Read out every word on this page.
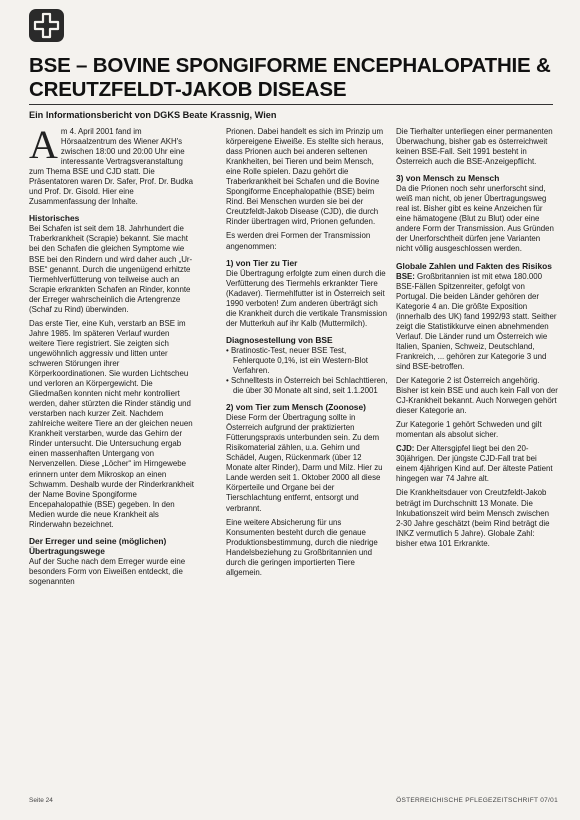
BSE – BOVINE SPONGIFORME ENCEPHALOPATHIE & CREUTZFELDT-JAKOB DISEASE

Ein Informationsbericht von DGKS Beate Krassnig, Wien

Am 4. April 2001 fand im Hörsaalzentrum des Wiener AKH's zwischen 18:00 und 20:00 Uhr eine interessante Vertragsveranstaltung zum Thema BSE und CJD statt. Die Präsentatoren waren Dr. Safer, Prof. Dr. Budka und Prof. Dr. Gisold. Hier eine Zusammenfassung der Inhalte.

Historisches

Bei Schafen ist seit dem 18. Jahrhundert die Traberkrankheit (Scrapie) bekannt. Sie macht bei den Schafen die gleichen Symptome wie BSE bei den Rindern und wird daher auch „Ur-BSE“ genannt. Durch die ungenügend erhitzte Tiermehlverfütterung von teilweise auch an Scrapie erkrankten Schafen an Rinder, konnte der Erreger wahrscheinlich die Artengrenze (Schaf zu Rind) überwinden.

Das erste Tier, eine Kuh, verstarb an BSE im Jahre 1985. Im späteren Verlauf wurden weitere Tiere registriert. Sie zeigten sich ungewöhnlich aggressiv und litten unter schweren Störungen ihrer Körperkoordinationen. Sie wurden Lichtscheu und verloren an Körpergewicht. Die Gliedmaßen konnten nicht mehr kontrolliert werden, daher stürzten die Rinder ständig und verstarben nach kurzer Zeit. Nachdem zahlreiche weitere Tiere an der gleichen neuen Krankheit verstarben, wurde das Gehirn der Rinder untersucht. Die Untersuchung ergab einen massenhaften Untergang von Nervenzellen. Diese „Löcher“ im Hirngewebe erinnern unter dem Mikroskop an einen Schwamm. Deshalb wurde der Rinderkrankheit der Name Bovine Spongiforme Encepahalopathie (BSE) gegeben. In den Medien wurde die neue Krankheit als Rinderwahn bezeichnet.

Der Erreger und seine (möglichen) Übertragungswege

Auf der Suche nach dem Erreger wurde eine besonders Form von Eiweißen entdeckt, die sogenannten

Prionen. Dabei handelt es sich im Prinzip um körpereigene Eiweiße. Es stellte sich heraus, dass Prionen auch bei anderen seltenen Krankheiten, bei Tieren und beim Mensch, eine Rolle spielen. Dazu gehört die Traberkrankheit bei Schafen und die Bovine Spongiforme Encephalopathie (BSE) beim Rind. Bei Menschen wurden sie bei der Creutzfeldt-Jakob Disease (CJD), die durch Rinder übertragen wird, Prionen gefunden.

Es werden drei Formen der Transmission angenommen:

1) von Tier zu Tier

Die Übertragung erfolgte zum einen durch die Verfütterung des Tiermehls erkrankter Tiere (Kadaver). Tiermehlfutter ist in Österreich seit 1990 verboten! Zum anderen überträgt sich die Krankheit durch die vertikale Transmission der Mutterkuh auf ihr Kalb (Muttermilch).

Diagnosestellung von BSE
• Bratinostic-Test, neuer BSE Test, Fehlerquote 0,1%, ist ein Western-Blot Verfahren.
• Schnelltests in Österreich bei Schlachttieren, die über 30 Monate alt sind, seit 1.1.2001
2) vom Tier zum Mensch (Zoonose)

Diese Form der Übertragung sollte in Österreich aufgrund der praktizierten Fütterungspraxis unterbunden sein. Zu dem Risikomaterial zählen, u.a. Gehirn und Schädel, Augen, Rückenmark (über 12 Monate alter Rinder), Darm und Milz. Hier zu Lande werden seit 1. Oktober 2000 all diese Körperteile und Organe bei der Tierschlachtung entfernt, entsorgt und verbrannt.

Eine weitere Absicherung für uns Konsumenten besteht durch die genaue Produktionsbestimmung, durch die niedrige Handelsbeziehung zu Großbritannien und durch die geringen importierten Tiere allgemein.

Die Tierhalter unterliegen einer permanenten Überwachung, bisher gab es österreichweit keinen BSE-Fall. Seit 1991 besteht in Österreich auch die BSE-Anzeigepflicht.

3) von Mensch zu Mensch

Da die Prionen noch sehr unerforscht sind, weiß man nicht, ob jener Übertragungsweg real ist. Bisher gibt es keine Anzeichen für eine hämatogene (Blut zu Blut) oder eine andere Form der Transmission. Aus Gründen der Unerforschtheit dürfen jene Varianten nicht völlig ausgeschlossen werden.

Globale Zahlen und Fakten des Risikos

BSE: Großbritannien ist mit etwa 180.000 BSE-Fällen Spitzenreiter, gefolgt von Portugal. Die beiden Länder gehören der Kategorie 4 an. Die größte Exposition (innerhalb des UK) fand 1992/93 statt. Seither zeigt die Statistikkurve einen abnehmenden Verlauf. Die Länder rund um Österreich wie Italien, Spanien, Schweiz, Deutschland, Frankreich, ... gehören zur Kategorie 3 und sind BSE-betroffen.

Der Kategorie 2 ist Österreich angehörig. Bisher ist kein BSE und auch kein Fall von der CJ-Krankheit bekannt. Auch Norwegen gehört dieser Kategorie an.

Zur Kategorie 1 gehört Schweden und gilt momentan als absolut sicher.

CJD: Der Altersgipfel liegt bei den 20-30jährigen. Der jüngste CJD-Fall trat bei einem 4jährigen Kind auf. Der älteste Patient hingegen war 74 Jahre alt.

Die Krankheitsdauer von Creutzfeldt-Jakob beträgt im Durchschnitt 13 Monate. Die Inkubationszeit wird beim Mensch zwischen 2-30 Jahre geschätzt (beim Rind beträgt die INKZ vermutlich 5 Jahre). Globale Zahl: bisher etwa 101 Erkrankte.

Seite 24	ÖSTERREICHISCHE PFLEGEZEITSCHRIFT 07/01
